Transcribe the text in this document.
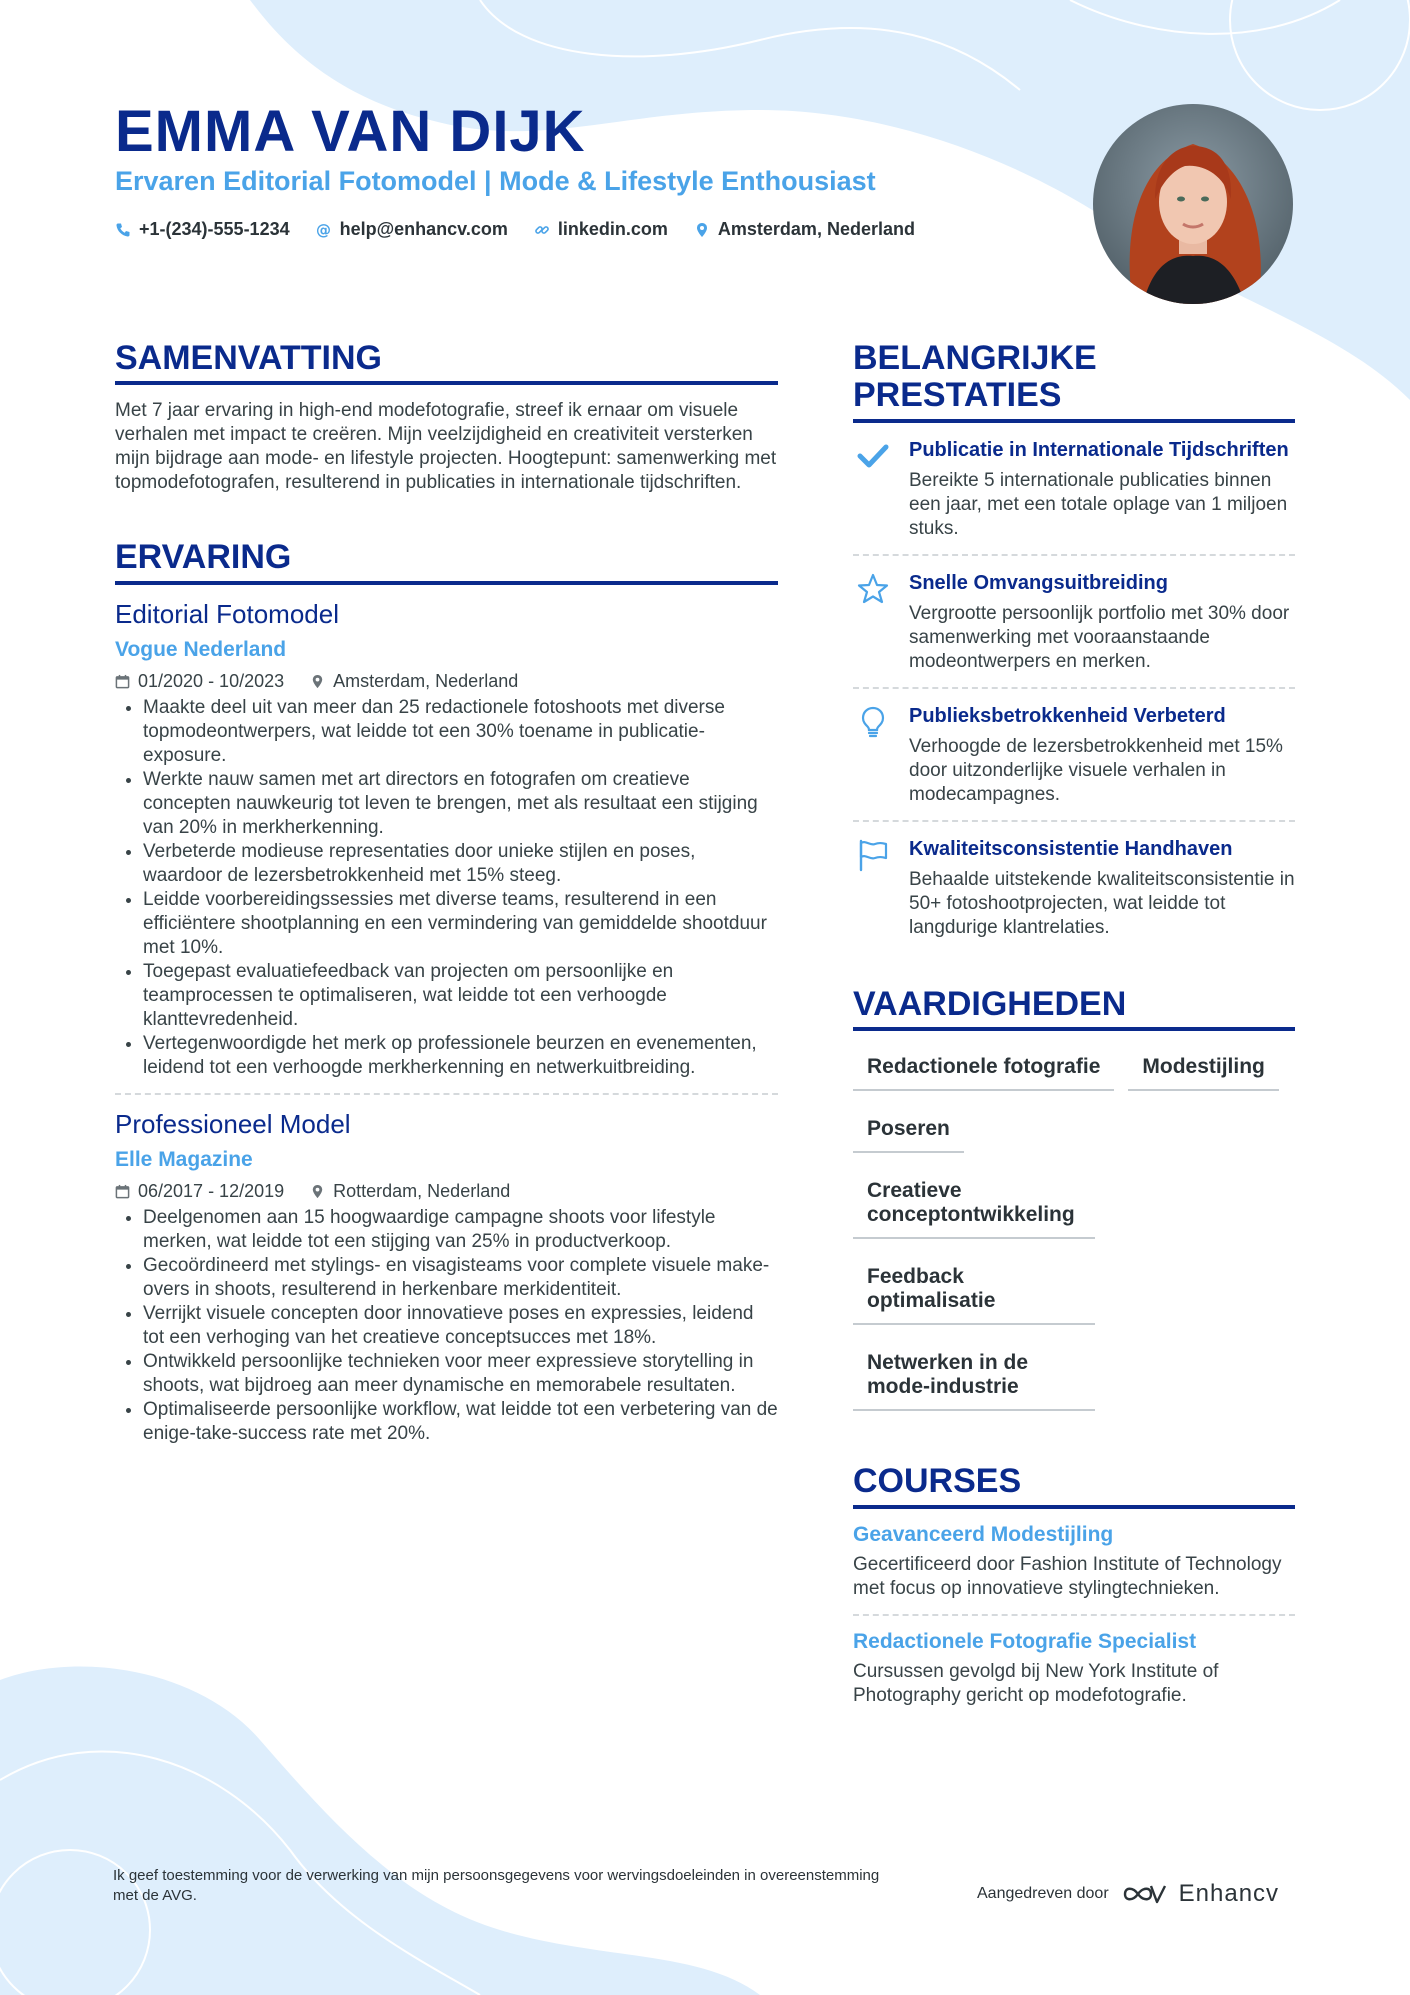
EMMA VAN DIJK
Ervaren Editorial Fotomodel | Mode & Lifestyle Enthousiast
+1-(234)-555-1234 @ help@enhancv.com	linkedin.com	Amsterdam, Nederland
SAMENVATTING

Met 7 jaar ervaring in high-end modefotografie, streef ik ernaar om visuele verhalen met impact te creëren. Mijn veelzijdigheid en creativiteit versterken mijn bijdrage aan mode- en lifestyle projecten. Hoogtepunt: samenwerking met topmodefotografen, resulterend in publicaties in internationale tijdschriften.

ERVARING
Editorial Fotomodel
Vogue Nederland
01/2020 - 10/2023	Amsterdam, Nederland
• Maakte deel uit van meer dan 25 redactionele fotoshoots met diverse topmodeontwerpers, wat leidde tot een 30% toename in publicatie-exposure.
• Werkte nauw samen met art directors en fotografen om creatieve concepten nauwkeurig tot leven te brengen, met als resultaat een stijging van 20% in merkherkenning.
• Verbeterde modieuse representaties door unieke stijlen en poses, waardoor de lezersbetrokkenheid met 15% steeg.
• Leidde voorbereidingssessies met diverse teams, resulterend in een efficiëntere shootplanning en een vermindering van gemiddelde shootduur met 10%.
• Toegepast evaluatiefeedback van projecten om persoonlijke en teamprocessen te optimaliseren, wat leidde tot een verhoogde klanttevredenheid.
• Vertegenwoordigde het merk op professionele beurzen en evenementen, leidend tot een verhoogde merkherkenning en netwerkuitbreiding.
Professioneel Model
Elle Magazine
06/2017 - 12/2019	Rotterdam, Nederland
• Deelgenomen aan 15 hoogwaardige campagne shoots voor lifestyle merken, wat leidde tot een stijging van 25% in productverkoop.
• Gecoördineerd met stylings- en visagisteams voor complete visuele make-overs in shoots, resulterend in herkenbare merkidentiteit.
• Verrijkt visuele concepten door innovatieve poses en expressies, leidend tot een verhoging van het creatieve conceptsucces met 18%.
• Ontwikkeld persoonlijke technieken voor meer expressieve storytelling in shoots, wat bijdroeg aan meer dynamische en memorabele resultaten.
• Optimaliseerde persoonlijke workflow, wat leidde tot een verbetering van de enige-take-success rate met 20%.
BELANGRIJKE PRESTATIES
Publicatie in Internationale Tijdschriften
Bereikte 5 internationale publicaties binnen een jaar, met een totale oplage van 1 miljoen stuks.
Snelle Omvangsuitbreiding
Vergrootte persoonlijk portfolio met 30% door samenwerking met vooraanstaande modeontwerpers en merken.
Publieksbetrokkenheid Verbeterd
Verhoogde de lezersbetrokkenheid met 15% door uitzonderlijke visuele verhalen in modecampagnes.
Kwaliteitsconsistentie Handhaven
Behaalde uitstekende kwaliteitsconsistentie in 50+ fotoshootprojecten, wat leidde tot langdurige klantrelaties.
VAARDIGHEDEN
Redactionele fotografie	Modestijling
Poseren
Creatieve conceptontwikkeling
Feedback optimalisatie
Netwerken in de mode-industrie
COURSES
Geavanceerd Modestijling
Gecertificeerd door Fashion Institute of Technology met focus op innovatieve stylingtechnieken.
Redactionele Fotografie Specialist
Cursussen gevolgd bij New York Institute of Photography gericht op modefotografie.
Ik geef toestemming voor de verwerking van mijn persoonsgegevens voor wervingsdoeleinden in overeenstemming met de AVG.	Aangedreven door	Enhancv
